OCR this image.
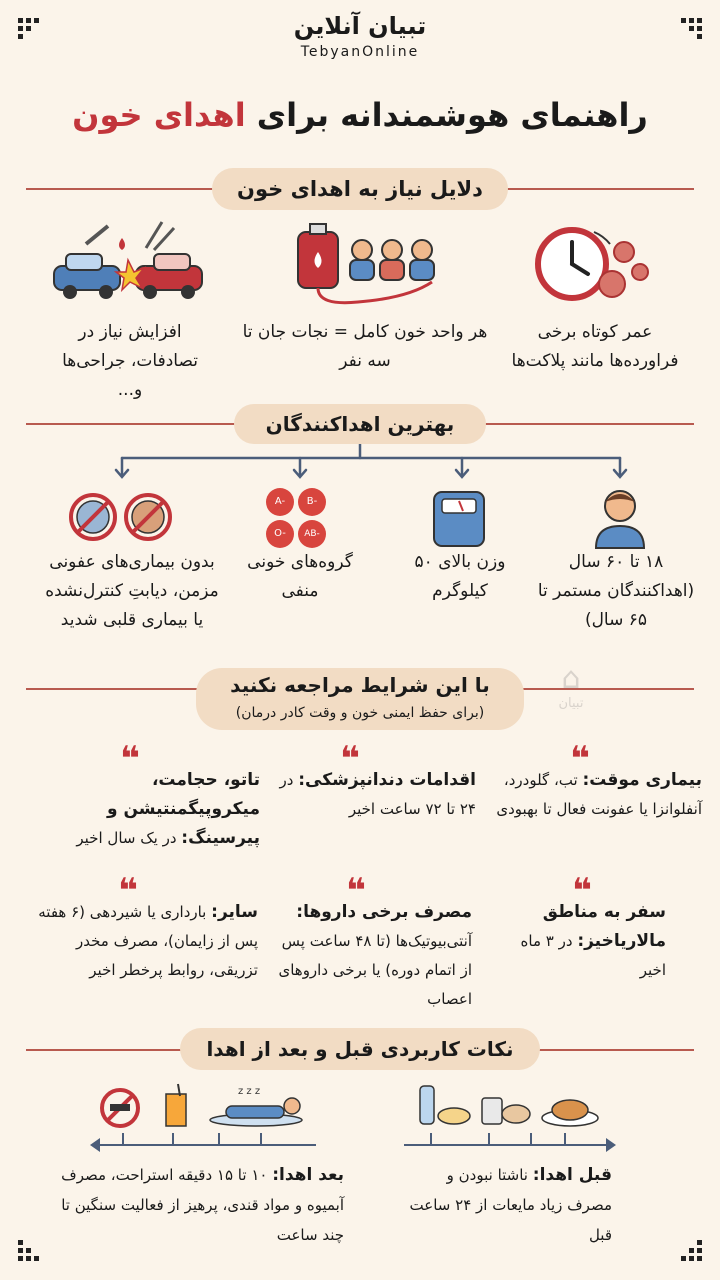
تبیان آنلاین
TebyanOnline
راهنمای هوشمندانه برای اهدای خون
دلایل نیاز به اهدای خون
عمر کوتاه برخی فراورده‌ها مانند پلاکت‌ها
هر واحد خون کامل = نجات جان تا سه نفر
افزایش نیاز در تصادفات، جراحی‌ها و...
بهترین اهداکنندگان
A-	B-
O-	AB-
۱۸ تا ۶۰ سال (اهداکنندگان مستمر تا ۶۵ سال)
وزن بالای ۵۰ کیلوگرم
گروه‌های خونی منفی
بدون بیماری‌های عفونی مزمن، دیابتِ کنترل‌نشده یا بیماری قلبی شدید
با این شرایط مراجعه نکنید
(برای حفظ ایمنی خون و وقت کادر درمان)
⌂
تبیان
❝
❝
❝
بیماری موقت: تب، گلودرد، آنفلوانزا یا عفونت فعال تا بهبودی
اقدامات دندانپزشکی: در ۲۴ تا ۷۲ ساعت اخیر
تاتو، حجامت، میکروپیگمنتیشن و پیرسینگ: در یک سال اخیر
❝
❝
❝
سفر به مناطق مالاریاخیز: در ۳ ماه اخیر
مصرف برخی داروها: آنتی‌بیوتیک‌ها (تا ۴۸ ساعت پس از اتمام دوره) یا برخی داروهای اعصاب
سایر: بارداری یا شیردهی (۶ هفته پس از زایمان)، مصرف مخدر تزریقی، روابط پرخطر اخیر
نکات کاربردی قبل و بعد از اهدا
z z z
قبل اهدا: ناشتا نبودن و مصرف زیاد مایعات از ۲۴ ساعت قبل
بعد اهدا: ۱۰ تا ۱۵ دقیقه استراحت، مصرف آبمیوه و مواد قندی، پرهیز از فعالیت سنگین تا چند ساعت
